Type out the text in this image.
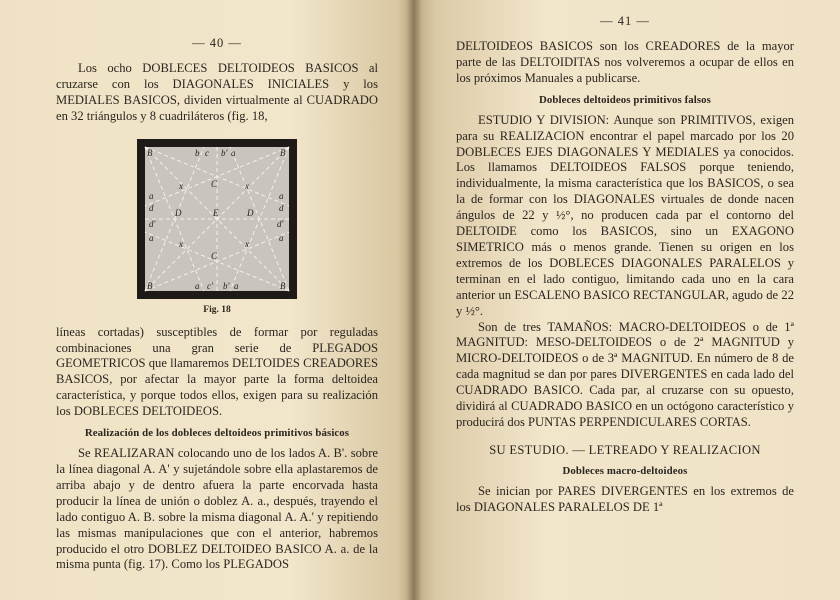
— 40 —

Los ocho DOBLECES DELTOIDEOS BASICOS al cruzarse con los DIAGONALES INICIALES y los MEDIALES BASICOS, dividen virtualmente al CUADRADO en 32 triángulos y 8 cuadriláteros (fig. 18,

B	B
B	B
b c b' a
a
d
d'
a
a
d
d'
a
C
C
D	D
E
x	x
x	x
a c' b' a
Fig. 18

líneas cortadas) susceptibles de formar por reguladas combinaciones una gran serie de PLEGADOS GEOMETRICOS que llamaremos DELTOIDES CREADORES BASICOS, por afectar la mayor parte la forma deltoidea característica, y porque todos ellos, exigen para su realización los DOBLECES DELTOIDEOS.

Realización de los dobleces deltoideos primitivos básicos

Se REALIZARAN colocando uno de los lados A. B'. sobre la línea diagonal A. A' y sujetándole sobre ella aplastaremos de arriba abajo y de dentro afuera la parte encorvada hasta producir la línea de unión o doblez A. a., después, trayendo el lado contiguo A. B. sobre la misma diagonal A. A.' y repitiendo las mismas manipulaciones que con el anterior, habremos producido el otro DOBLEZ DELTOIDEO BASICO A. a. de la misma punta (fig. 17). Como los PLEGADOS

— 41 —

DELTOIDEOS BASICOS son los CREADORES de la mayor parte de las DELTOIDITAS nos volveremos a ocupar de ellos en los próximos Manuales a publicarse.

Dobleces deltoideos primitivos falsos

ESTUDIO Y DIVISION: Aunque son PRIMITIVOS, exigen para su REALIZACION encontrar el papel marcado por los 20 DOBLECES EJES DIAGONALES Y MEDIALES ya conocidos. Los llamamos DELTOIDEOS FALSOS porque teniendo, individualmente, la misma característica que los BASICOS, o sea la de formar con los DIAGONALES virtuales de donde nacen ángulos de 22 y ½°, no producen cada par el contorno del DELTOIDE como los BASICOS, sino un EXAGONO SIMETRICO más o menos grande. Tienen su origen en los extremos de los DOBLECES DIAGONALES PARALELOS y terminan en el lado contiguo, limitando cada uno en la cara anterior un ESCALENO BASICO RECTANGULAR, agudo de 22 y ½°.

Son de tres TAMAÑOS: MACRO-DELTOIDEOS o de 1ª MAGNITUD: MESO-DELTOIDEOS o de 2ª MAGNITUD y MICRO-DELTOIDEOS o de 3ª MAGNITUD. En número de 8 de cada magnitud se dan por pares DIVERGENTES en cada lado del CUADRADO BASICO. Cada par, al cruzarse con su opuesto, dividirá al CUADRADO BASICO en un octógono característico y producirá dos PUNTAS PERPENDICULARES CORTAS.

SU ESTUDIO. — LETREADO Y REALIZACION
Dobleces macro-deltoideos

Se inician por PARES DIVERGENTES en los extremos de los DIAGONALES PARALELOS DE 1ª
